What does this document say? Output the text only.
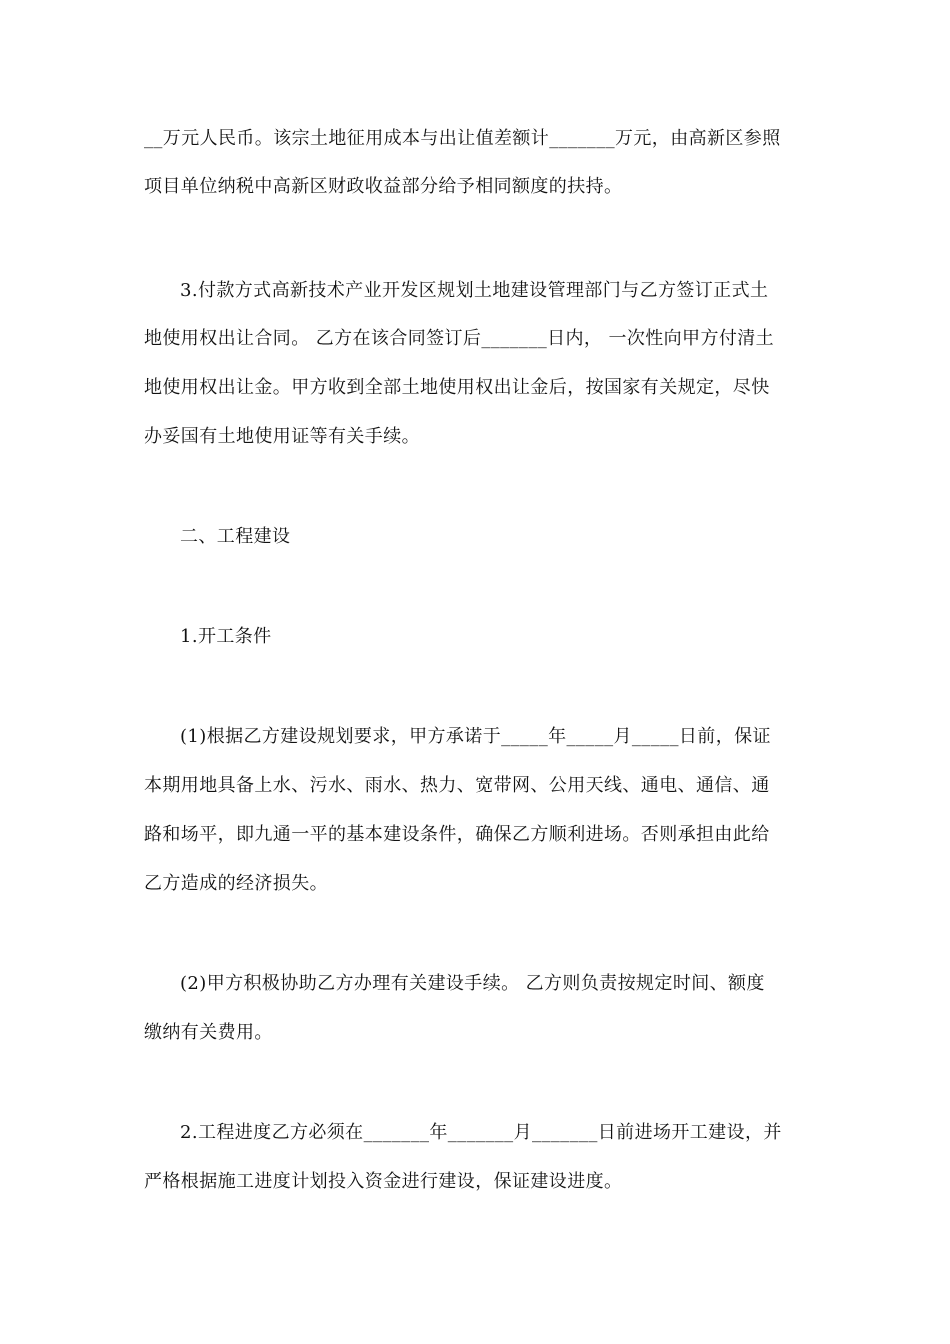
__万元人民币。该宗土地征用成本与出让值差额计_______万元，由高新区参照
项目单位纳税中高新区财政收益部分给予相同额度的扶持。
3.付款方式高新技术产业开发区规划土地建设管理部门与乙方签订正式土
地使用权出让合同。 乙方在该合同签订后_______日内， 一次性向甲方付清土
地使用权出让金。甲方收到全部土地使用权出让金后，按国家有关规定，尽快
办妥国有土地使用证等有关手续。
二、工程建设
1.开工条件
(1)根据乙方建设规划要求，甲方承诺于_____年_____月_____日前，保证
本期用地具备上水、污水、雨水、热力、宽带网、公用天线、通电、通信、通
路和场平，即九通一平的基本建设条件，确保乙方顺利进场。否则承担由此给
乙方造成的经济损失。
(2)甲方积极协助乙方办理有关建设手续。 乙方则负责按规定时间、额度
缴纳有关费用。
2.工程进度乙方必须在_______年_______月_______日前进场开工建设，并
严格根据施工进度计划投入资金进行建设，保证建设进度。
